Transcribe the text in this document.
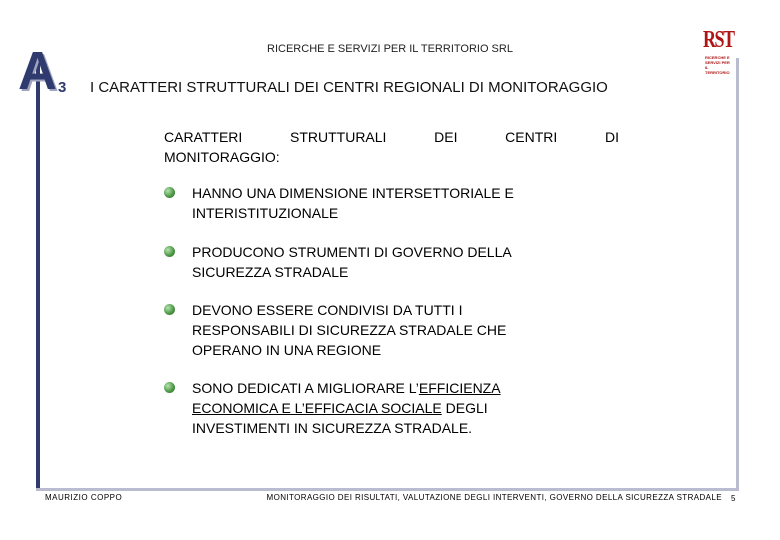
A 3
RICERCHE E SERVIZI PER IL TERRITORIO SRL
I CARATTERI STRUTTURALI DEI CENTRI REGIONALI DI MONITORAGGIO
RST
RICERCHE E SERVIZI PER IL TERRITORIO
CARATTERI	STRUTTURALI	DEI	CENTRI	DI
MONITORAGGIO:
HANNO UNA DIMENSIONE INTERSETTORIALE E
INTERISTITUZIONALE
PRODUCONO STRUMENTI DI GOVERNO DELLA
SICUREZZA STRADALE
DEVONO ESSERE CONDIVISI DA TUTTI I
RESPONSABILI DI SICUREZZA STRADALE CHE
OPERANO IN UNA REGIONE
SONO DEDICATI A MIGLIORARE L’EFFICIENZA
ECONOMICA E L’EFFICACIA SOCIALE DEGLI
INVESTIMENTI IN SICUREZZA STRADALE.
MAURIZIO COPPO	MONITORAGGIO DEI RISULTATI, VALUTAZIONE DEGLI INTERVENTI, GOVERNO DELLA SICUREZZA STRADALE 5
